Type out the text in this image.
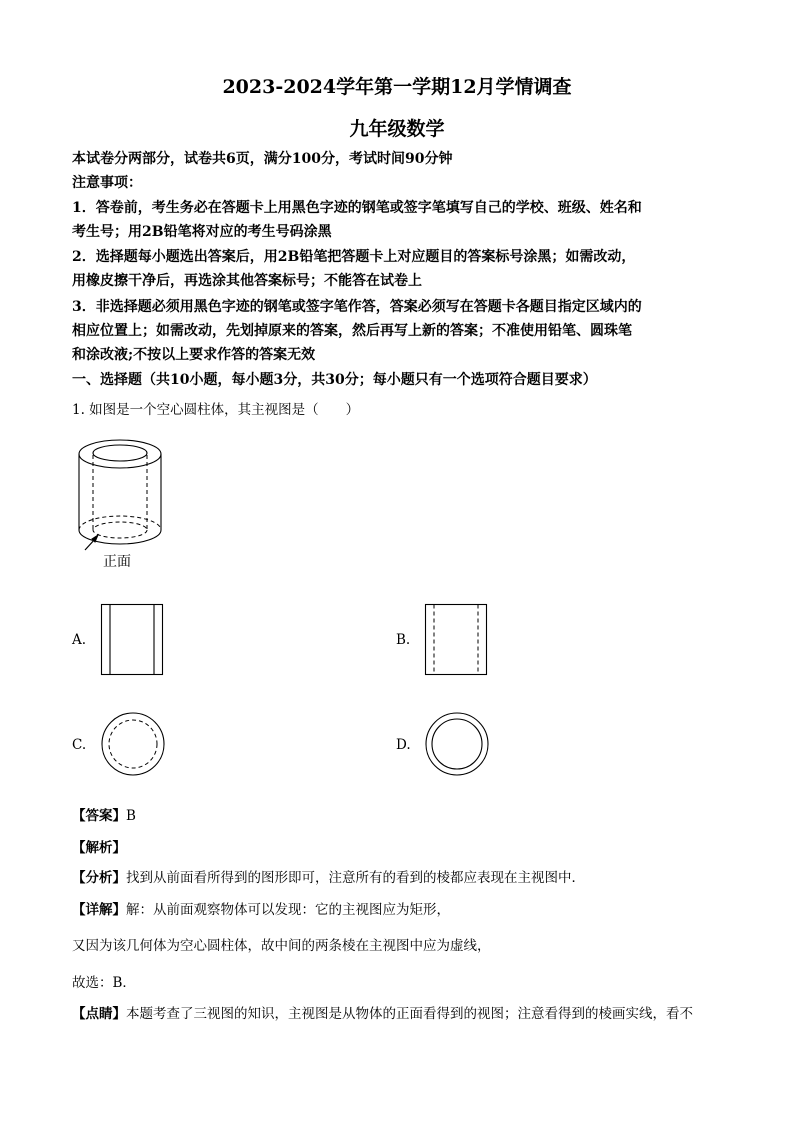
2023-2024学年第一学期12月学情调查
九年级数学
本试卷分两部分，试卷共6页，满分100分，考试时间90分钟
注意事项：
1．答卷前，考生务必在答题卡上用黑色字迹的钢笔或签字笔填写自己的学校、班级、姓名和
考生号；用2B铅笔将对应的考生号码涂黑
2．选择题每小题选出答案后，用2B铅笔把答题卡上对应题目的答案标号涂黑；如需改动，
用橡皮擦干净后，再选涂其他答案标号；不能答在试卷上
3．非选择题必须用黑色字迹的钢笔或签字笔作答，答案必须写在答题卡各题目指定区域内的
相应位置上；如需改动，先划掉原来的答案，然后再写上新的答案；不准使用铅笔、圆珠笔
和涂改液;不按以上要求作答的答案无效
一、选择题（共10小题，每小题3分，共30分；每小题只有一个选项符合题目要求）
1. 如图是一个空心圆柱体，其主视图是（　　）
正面
A.	B.
C.	D.
【答案】B
【解析】
【分析】找到从前面看所得到的图形即可，注意所有的看到的棱都应表现在主视图中．
【详解】解：从前面观察物体可以发现：它的主视图应为矩形，
又因为该几何体为空心圆柱体，故中间的两条棱在主视图中应为虚线，
故选：B．
【点睛】本题考查了三视图的知识，主视图是从物体的正面看得到的视图；注意看得到的棱画实线，看不
